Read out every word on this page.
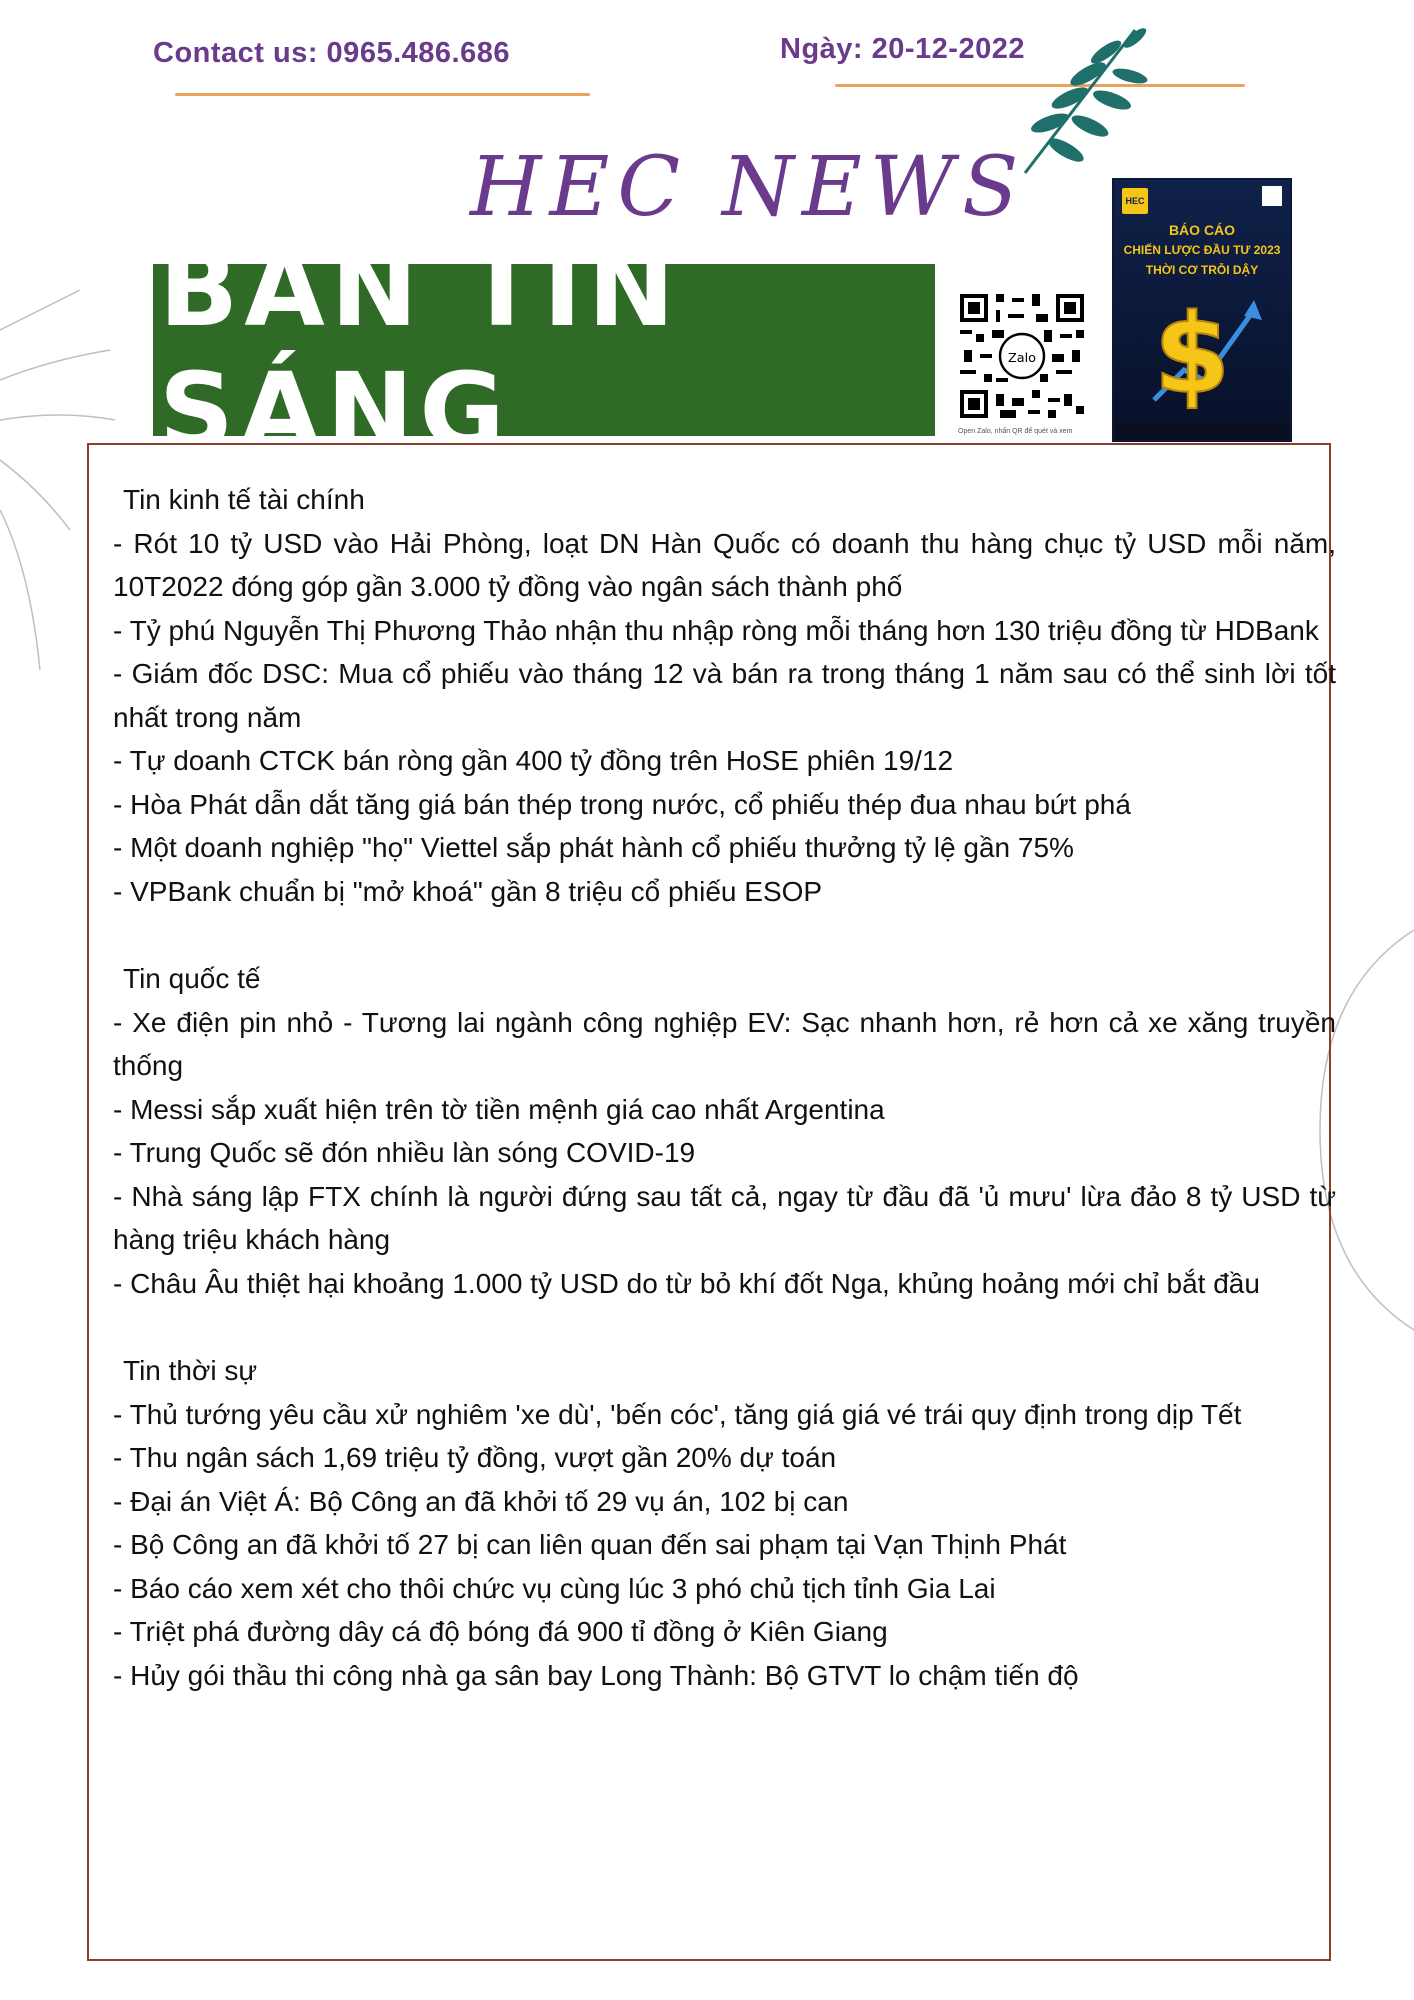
Contact us: 0965.486.686	Ngày: 20-12-2022
HEC NEWS
BẢN TIN SÁNG	Zalo
Open Zalo, nhấn QR để quét và xem
HEC
BÁO CÁO
CHIẾN LƯỢC ĐẦU TƯ 2023
THỜI CƠ TRỖI DẬY
$
Tin kinh tế tài chính
- Rót 10 tỷ USD vào Hải Phòng, loạt DN Hàn Quốc có doanh thu hàng chục tỷ USD mỗi năm, 10T2022 đóng góp gần 3.000 tỷ đồng vào ngân sách thành phố
- Tỷ phú Nguyễn Thị Phương Thảo nhận thu nhập ròng mỗi tháng hơn 130 triệu đồng từ HDBank
- Giám đốc DSC: Mua cổ phiếu vào tháng 12 và bán ra trong tháng 1 năm sau có thể sinh lời tốt nhất trong năm
- Tự doanh CTCK bán ròng gần 400 tỷ đồng trên HoSE phiên 19/12
- Hòa Phát dẫn dắt tăng giá bán thép trong nước, cổ phiếu thép đua nhau bứt phá
- Một doanh nghiệp "họ" Viettel sắp phát hành cổ phiếu thưởng tỷ lệ gần 75%
- VPBank chuẩn bị "mở khoá" gần 8 triệu cổ phiếu ESOP
Tin quốc tế
- Xe điện pin nhỏ - Tương lai ngành công nghiệp EV: Sạc nhanh hơn, rẻ hơn cả xe xăng truyền thống
- Messi sắp xuất hiện trên tờ tiền mệnh giá cao nhất Argentina
- Trung Quốc sẽ đón nhiều làn sóng COVID-19
- Nhà sáng lập FTX chính là người đứng sau tất cả, ngay từ đầu đã 'ủ mưu' lừa đảo 8 tỷ USD từ hàng triệu khách hàng
- Châu Âu thiệt hại khoảng 1.000 tỷ USD do từ bỏ khí đốt Nga, khủng hoảng mới chỉ bắt đầu
Tin thời sự
- Thủ tướng yêu cầu xử nghiêm 'xe dù', 'bến cóc', tăng giá giá vé trái quy định trong dịp Tết
- Thu ngân sách 1,69 triệu tỷ đồng, vượt gần 20% dự toán
- Đại án Việt Á: Bộ Công an đã khởi tố 29 vụ án, 102 bị can
- Bộ Công an đã khởi tố 27 bị can liên quan đến sai phạm tại Vạn Thịnh Phát
- Báo cáo xem xét cho thôi chức vụ cùng lúc 3 phó chủ tịch tỉnh Gia Lai
- Triệt phá đường dây cá độ bóng đá 900 tỉ đồng ở Kiên Giang
- Hủy gói thầu thi công nhà ga sân bay Long Thành: Bộ GTVT lo chậm tiến độ
